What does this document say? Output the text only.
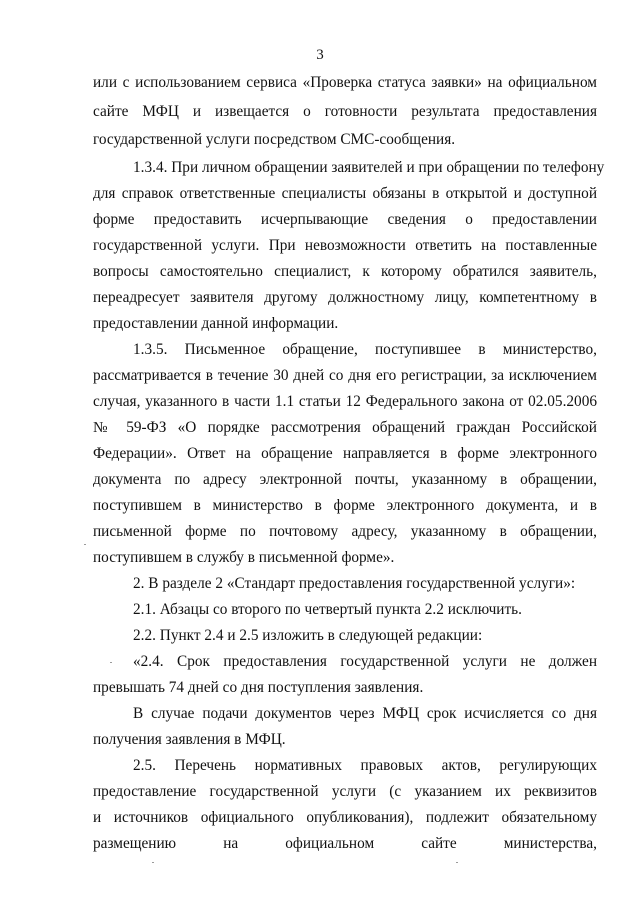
3
или с использованием сервиса «Проверка статуса заявки» на официальном
сайте МФЦ и извещается о готовности результата предоставления
государственной услуги посредством СМС-сообщения.
1.3.4. При личном обращении заявителей и при обращении по телефону
для справок ответственные специалисты обязаны в открытой и доступной
форме предоставить исчерпывающие сведения о предоставлении
государственной услуги. При невозможности ответить на поставленные
вопросы самостоятельно специалист, к которому обратился заявитель,
переадресует заявителя другому должностному лицу, компетентному в
предоставлении данной информации.
1.3.5. Письменное обращение, поступившее в министерство,
рассматривается в течение 30 дней со дня его регистрации, за исключением
случая, указанного в части 1.1 статьи 12 Федерального закона от 02.05.2006
№ 59-ФЗ «О порядке рассмотрения обращений граждан Российской
Федерации». Ответ на обращение направляется в форме электронного
документа по адресу электронной почты, указанному в обращении,
поступившем в министерство в форме электронного документа, и в
письменной форме по почтовому адресу, указанному в обращении,
поступившем в службу в письменной форме».
2. В разделе 2 «Стандарт предоставления государственной услуги»:
2.1. Абзацы со второго по четвертый пункта 2.2 исключить.
2.2. Пункт 2.4 и 2.5 изложить в следующей редакции:
«2.4. Срок предоставления государственной услуги не должен
превышать 74 дней со дня поступления заявления.
В случае подачи документов через МФЦ срок исчисляется со дня
получения заявления в МФЦ.
2.5. Перечень нормативных правовых актов, регулирующих
предоставление государственной услуги (с указанием их реквизитов
и источников официального опубликования), подлежит обязательному
размещению на официальном сайте министерства,
